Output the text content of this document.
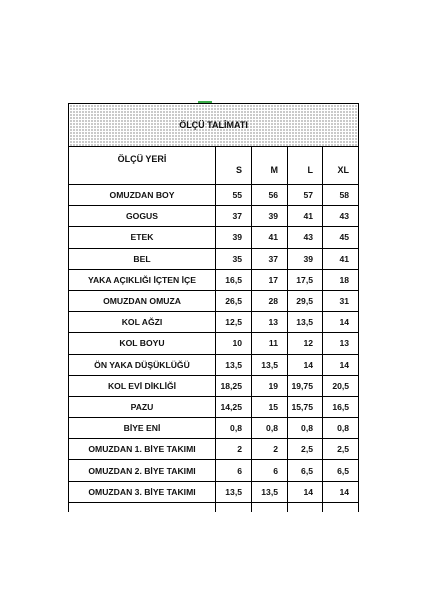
ÖLÇÜ TALİMATI				
ÖLÇÜ YERİ	S	M	L	XL
OMUZDAN BOY	55	56	57	58
GOGUS	37	39	41	43
ETEK	39	41	43	45
BEL	35	37	39	41
YAKA AÇIKLIĞI İÇTEN İÇE	16,5	17	17,5	18
OMUZDAN OMUZA	26,5	28	29,5	31
KOL AĞZI	12,5	13	13,5	14
KOL BOYU	10	11	12	13
ÖN YAKA DÜŞÜKLÜĞÜ	13,5	13,5	14	14
KOL EVİ DİKLİĞİ	18,25	19	19,75	20,5
PAZU	14,25	15	15,75	16,5
BİYE ENİ	0,8	0,8	0,8	0,8
OMUZDAN 1. BİYE TAKIMI	2	2	2,5	2,5
OMUZDAN 2. BİYE TAKIMI	6	6	6,5	6,5
OMUZDAN 3. BİYE TAKIMI	13,5	13,5	14	14
